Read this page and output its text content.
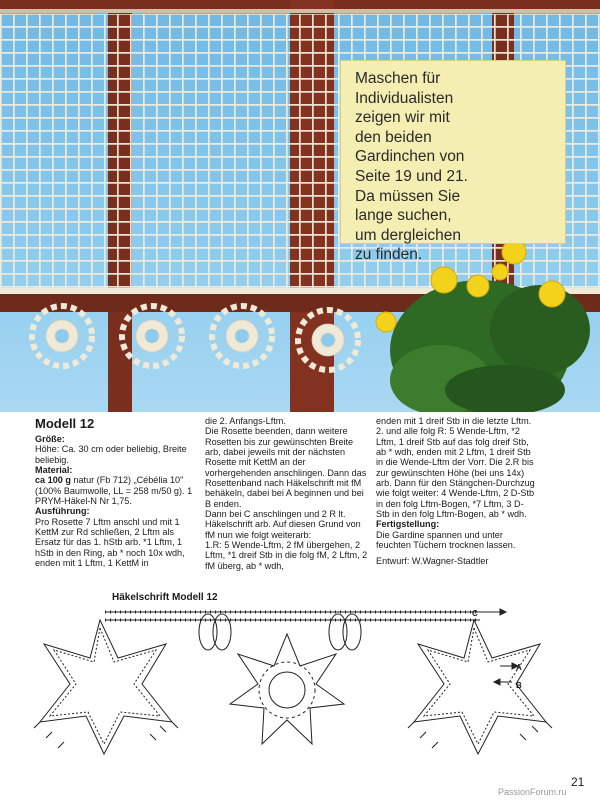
Maschen für

Individualisten

zeigen wir mit

den beiden

Gardinchen von

Seite 19 und 21.

Da müssen Sie

lange suchen,

um dergleichen

zu finden.

Modell 12

Größe:

Höhe: Ca. 30 cm oder beliebig, Breite beliebig.

Material:

ca 100 g natur (Fb 712) „Cébélia 10" (100% Baumwolle, LL = 258 m/50 g). 1 PRYM-Häkel-N Nr 1,75.

Ausführung:

Pro Rosette 7 Lftm anschl und mit 1 KettM zur Rd schließen, 2 Lftm als Ersatz für das 1. hStb arb. *1 Lftm, 1 hStb in den Ring, ab * noch 10x wdh, enden mit 1 Lftm, 1 KettM in

die 2. Anfangs-Lftm.

Die Rosette beenden, dann weitere Rosetten bis zur gewünschten Breite arb, dabei jeweils mit der nächsten Rosette mit KettM an der vorhergehenden anschlingen. Dann das Rosettenband nach Häkelschrift mit fM behäkeln, dabei bei A beginnen und bei B enden.

Dann bei C anschlingen und 2 R lt. Häkelschrift arb. Auf diesen Grund von fM nun wie folgt weiterarb:

1.R: 5 Wende-Lftm, 2 fM übergehen, 2 Lftm, *1 dreif Stb in die folg fM, 2 Lftm, 2 fM überg, ab * wdh,

enden mit 1 dreif Stb in die letzte Lftm. 2. und alle folg R: 5 Wende-Lftm, *2 Lftm, 1 dreif Stb auf das folg dreif Stb, ab * wdh, enden mit 2 Lftm, 1 dreif Stb in die Wende-Lftm der Vorr. Die 2.R bis zur gewünschten Höhe (bei uns 14x) arb. Dann für den Stängchen-Durchzug wie folgt weiter: 4 Wende-Lftm, 2 D-Stb in den folg Lftm-Bogen, *7 Lftm, 3 D-Stb in den folg Lftm-Bogen, ab * wdh.

Fertigstellung:

Die Gardine spannen und unter feuchten Tüchern trocknen lassen.

Entwurf: W.Wagner-Stadtler

Häkelschrift Modell 12
C
A
B
21
PassionForum.ru
